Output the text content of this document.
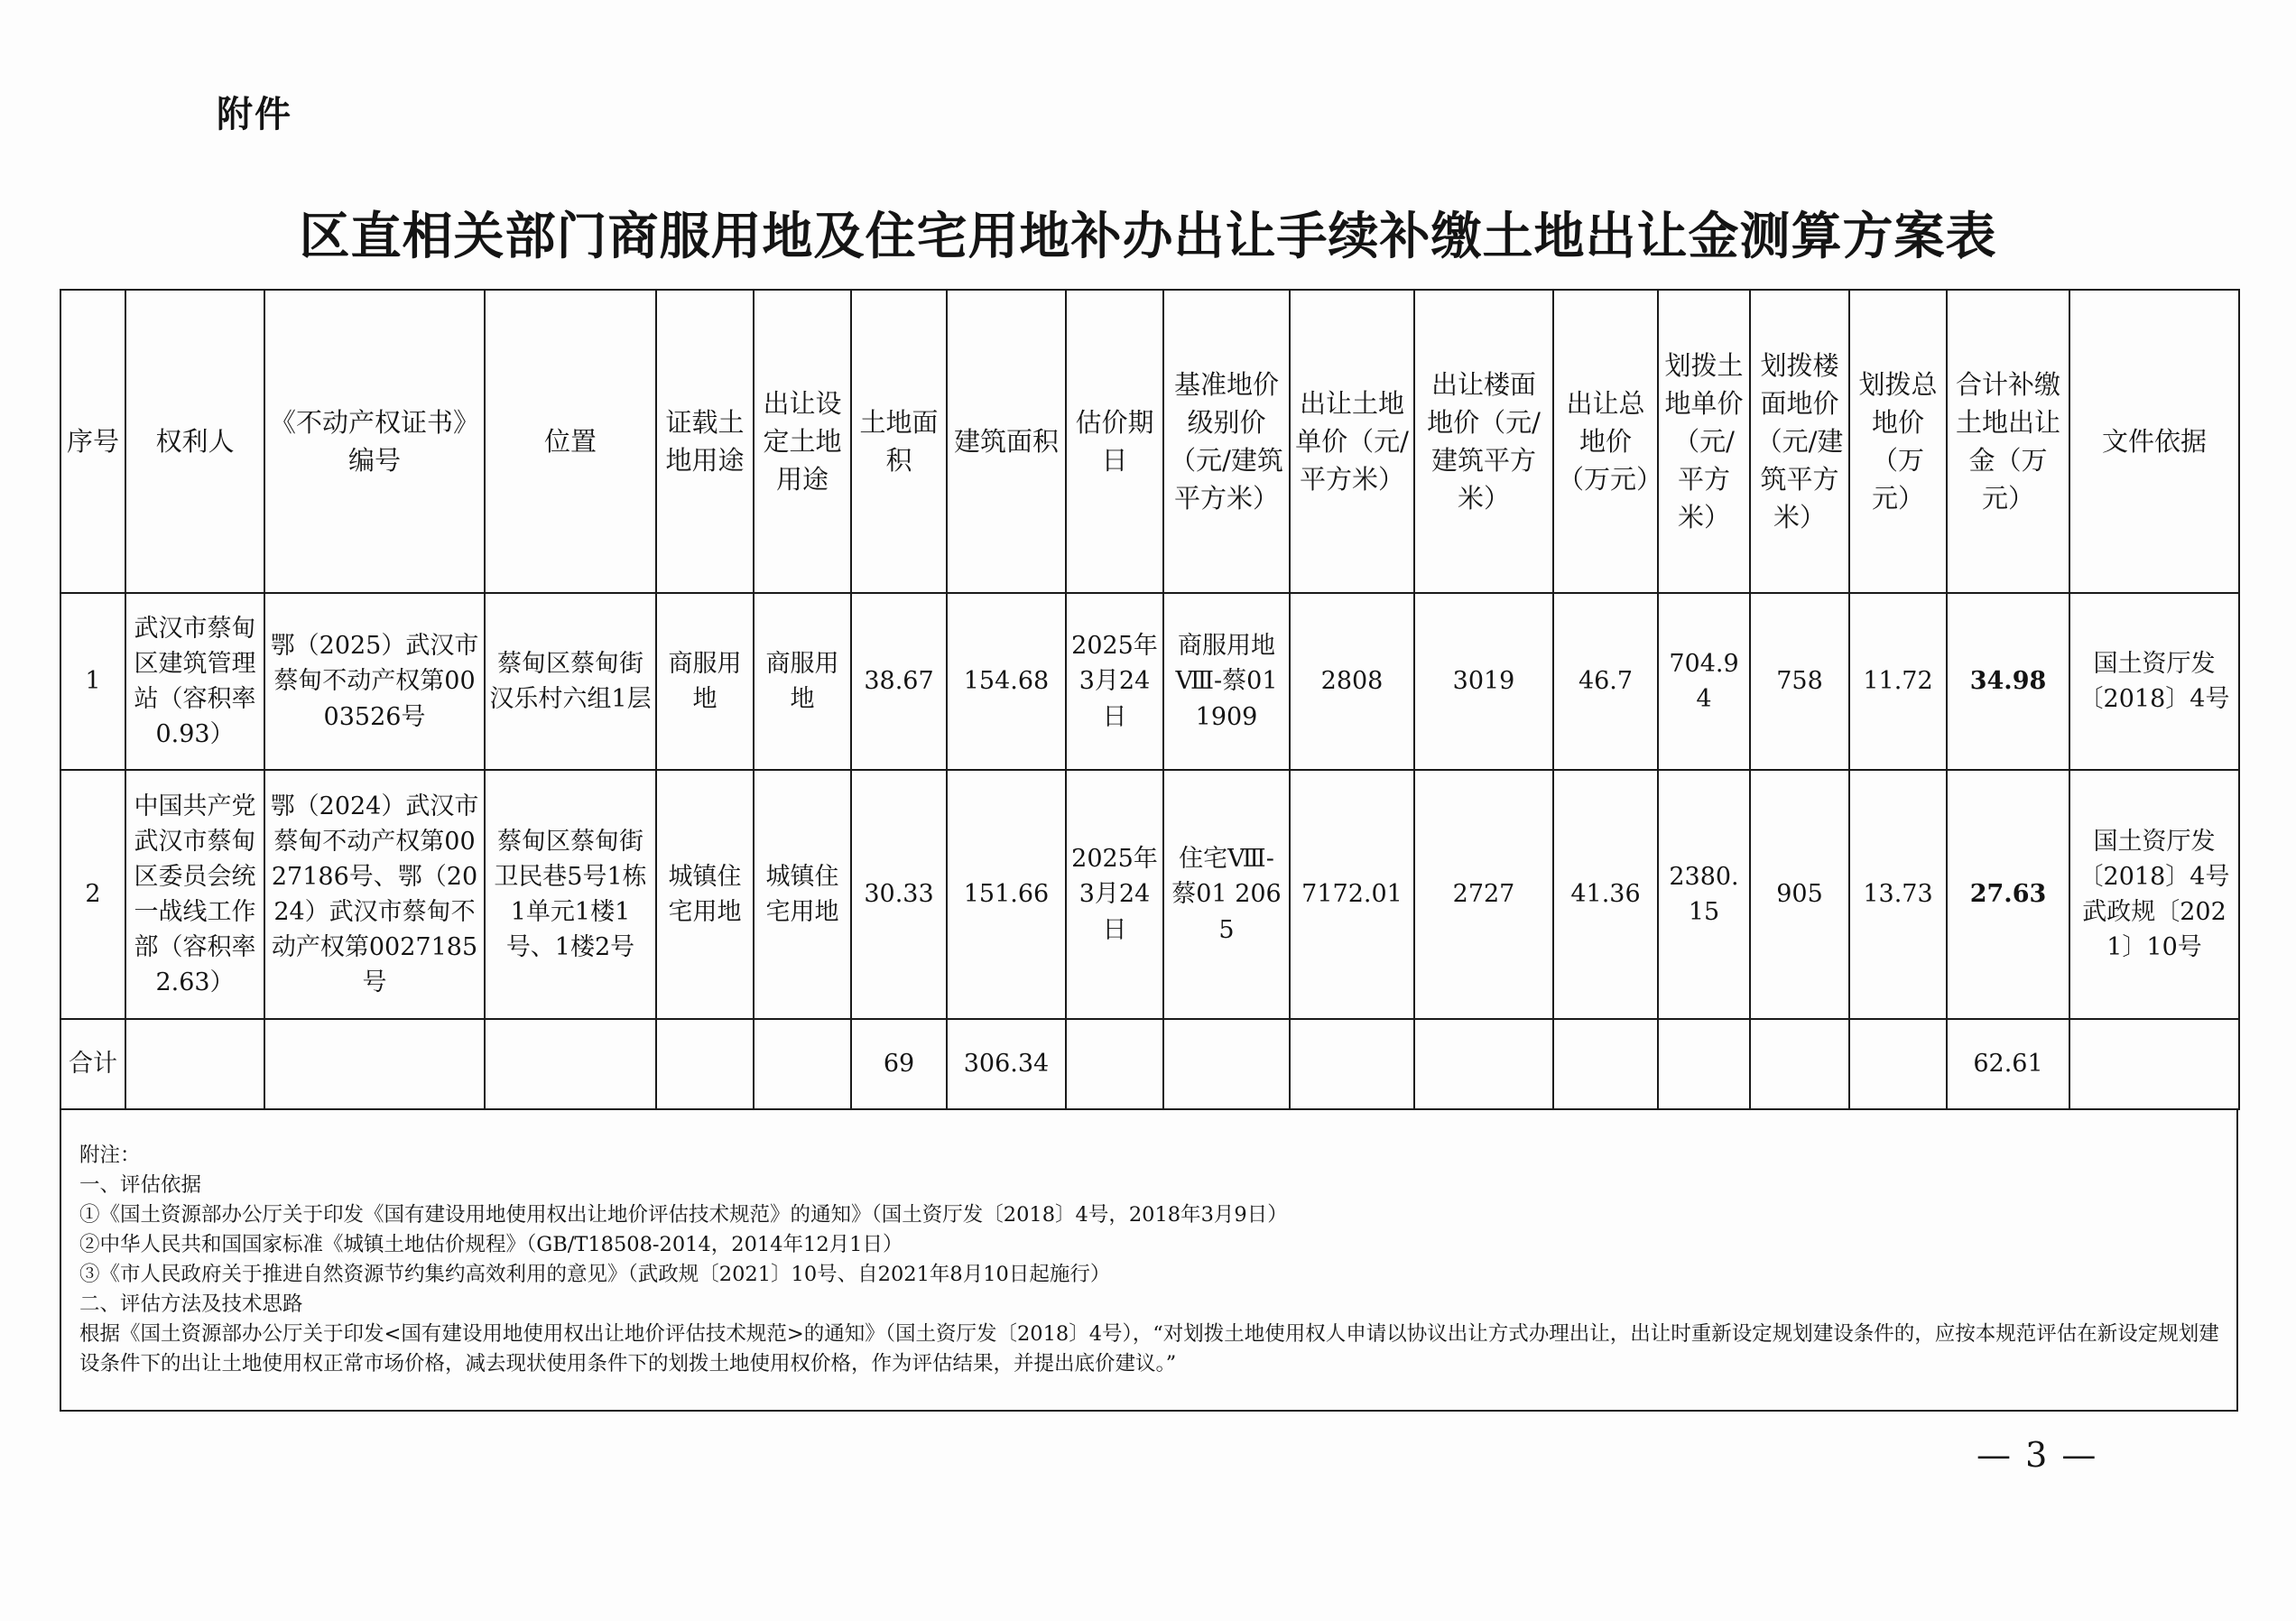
附件
区直相关部门商服用地及住宅用地补办出让手续补缴土地出让金测算方案表
序号	权利人	《不动产权证书》编号	位置	证载土地用途	出让设定土地用途	土地面积	建筑面积	估价期日	基准地价级别价（元/建筑平方米）	出让土地单价（元/平方米）	出让楼面地价（元/建筑平方米）	出让总地价（万元）	划拨土地单价（元/平方米）	划拨楼面地价（元/建筑平方米）	划拨总地价（万元）	合计补缴土地出让金（万元）	文件依据
1	武汉市蔡甸区建筑管理站（容积率0.93）	鄂（2025）武汉市蔡甸不动产权第0003526号	蔡甸区蔡甸街汉乐村六组1层	商服用地	商服用地	38.67	154.68	2025年3月24日	商服用地Ⅷ-蔡01 1909	2808	3019	46.7	704.94	758	11.72	34.98	国土资厅发〔2018〕4号
2	中国共产党武汉市蔡甸区委员会统一战线工作部（容积率2.63）	鄂（2024）武汉市蔡甸不动产权第0027186号、鄂（2024）武汉市蔡甸不动产权第0027185号	蔡甸区蔡甸街卫民巷5号1栋1单元1楼1号、1楼2号	城镇住宅用地	城镇住宅用地	30.33	151.66	2025年3月24日	住宅Ⅷ-蔡01 2065	7172.01	2727	41.36	2380.15	905	13.73	27.63	国土资厅发〔2018〕4号 武政规〔2021〕10号
合计						69	306.34									62.61	
附注：
一、评估依据
①《国土资源部办公厅关于印发《国有建设用地使用权出让地价评估技术规范》的通知》（国土资厅发〔2018〕4号，2018年3月9日）
②中华人民共和国国家标准《城镇土地估价规程》（GB/T18508-2014，2014年12月1日）
③《市人民政府关于推进自然资源节约集约高效利用的意见》（武政规〔2021〕10号、自2021年8月10日起施行）
二、评估方法及技术思路
根据《国土资源部办公厅关于印发<国有建设用地使用权出让地价评估技术规范>的通知》（国土资厅发〔2018〕4号），“对划拨土地使用权人申请以协议出让方式办理出让，出让时重新设定规划建设条件的，应按本规范评估在新设定规划建设条件下的出让土地使用权正常市场价格，减去现状使用条件下的划拨土地使用权价格，作为评估结果，并提出底价建议。”
— 3 —
